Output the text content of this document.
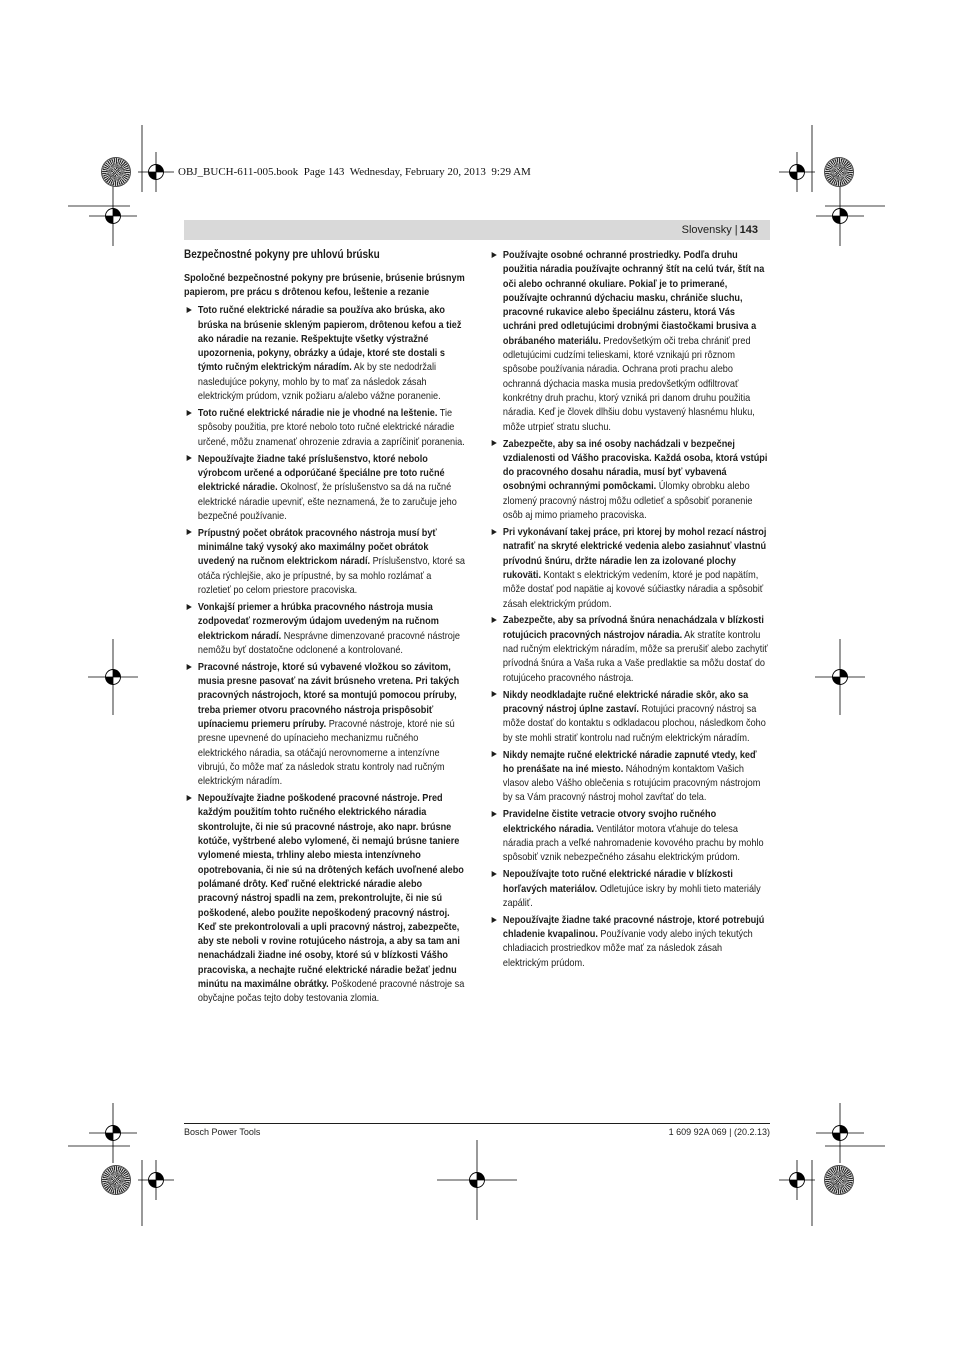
OBJ_BUCH-611-005.book  Page 143  Wednesday, February 20, 2013  9:29 AM
Slovensky | 143
Bezpečnostné pokyny pre uhlovú brúsku

Spoločné bezpečnostné pokyny pre brúsenie, brúsenie brúsnym papierom, pre prácu s drôtenou kefou, leštenie a rezanie

Toto ručné elektrické náradie sa používa ako brúska, ako brúska na brúsenie skleným papierom, drôtenou kefou a tiež ako náradie na rezanie. Rešpektujte všetky výstražné upozornenia, pokyny, obrázky a údaje, ktoré ste dostali s týmto ručným elektrickým náradím. Ak by ste nedodržali nasledujúce pokyny, mohlo by to mať za následok zásah elektrickým prúdom, vznik požiaru a/alebo vážne poranenie.

Toto ručné elektrické náradie nie je vhodné na leštenie. Tie spôsoby použitia, pre ktoré nebolo toto ručné elektrické náradie určené, môžu znamenať ohrozenie zdravia a zapríčiniť poranenia.

Nepoužívajte žiadne také príslušenstvo, ktoré nebolo výrobcom určené a odporúčané špeciálne pre toto ručné elektrické náradie. Okolnosť, že príslušenstvo sa dá na ručné elektrické náradie upevniť, ešte neznamená, že to zaručuje jeho bezpečné používanie.

Prípustný počet obrátok pracovného nástroja musí byť minimálne taký vysoký ako maximálny počet obrátok uvedený na ručnom elektrickom náradí. Príslušenstvo, ktoré sa otáča rýchlejšie, ako je prípustné, by sa mohlo rozlámať a rozletieť po celom priestore pracoviska.

Vonkajší priemer a hrúbka pracovného nástroja musia zodpovedať rozmerovým údajom uvedeným na ručnom elektrickom náradí. Nesprávne dimenzované pracovné nástroje nemôžu byť dostatočne odclonené a kontrolované.

Pracovné nástroje, ktoré sú vybavené vložkou so závitom, musia presne pasovať na závit brúsneho vretena. Pri takých pracovných nástrojoch, ktoré sa montujú pomocou príruby, treba priemer otvoru pracovného nástroja prispôsobiť upínaciemu priemeru príruby. Pracovné nástroje, ktoré nie sú presne upevnené do upínacieho mechanizmu ručného elektrického náradia, sa otáčajú nerovnomerne a intenzívne vibrujú, čo môže mať za následok stratu kontroly nad ručným elektrickým náradím.

Nepoužívajte žiadne poškodené pracovné nástroje. Pred každým použitím tohto ručného elektrického náradia skontrolujte, či nie sú pracovné nástroje, ako napr. brúsne kotúče, vyštrbené alebo vylomené, či nemajú brúsne taniere vylomené miesta, trhliny alebo miesta intenzívneho opotrebovania, či nie sú na drôtených kefách uvoľnené alebo polámané drôty. Keď ručné elektrické náradie alebo pracovný nástroj spadli na zem, prekontrolujte, či nie sú poškodené, alebo použite nepoškodený pracovný nástroj. Keď ste prekontrolovali a upli pracovný nástroj, zabezpečte, aby ste neboli v rovine rotujúceho nástroja, a aby sa tam ani nenachádzali žiadne iné osoby, ktoré sú v blízkosti Vášho pracoviska, a nechajte ručné elektrické náradie bežať jednu minútu na maximálne obrátky. Poškodené pracovné nástroje sa obyčajne počas tejto doby testovania zlomia.

Používajte osobné ochranné prostriedky. Podľa druhu použitia náradia používajte ochranný štít na celú tvár, štít na oči alebo ochranné okuliare. Pokiaľ je to primerané, používajte ochrannú dýchaciu masku, chrániče sluchu, pracovné rukavice alebo špeciálnu zásteru, ktorá Vás uchráni pred odletujúcimi drobnými čiastočkami brusiva a obrábaného materiálu. Predovšetkým oči treba chrániť pred odletujúcimi cudzími telieskami, ktoré vznikajú pri rôznom spôsobe používania náradia. Ochrana proti prachu alebo ochranná dýchacia maska musia predovšetkým odfiltrovať konkrétny druh prachu, ktorý vzniká pri danom druhu použitia náradia. Keď je človek dlhšiu dobu vystavený hlasnému hluku, môže utrpieť stratu sluchu.

Zabezpečte, aby sa iné osoby nachádzali v bezpečnej vzdialenosti od Vášho pracoviska. Každá osoba, ktorá vstúpi do pracovného dosahu náradia, musí byť vybavená osobnými ochrannými pomôckami. Úlomky obrobku alebo zlomený pracovný nástroj môžu odletieť a spôsobiť poranenie osôb aj mimo priameho pracoviska.

Pri vykonávaní takej práce, pri ktorej by mohol rezací nástroj natrafiť na skryté elektrické vedenia alebo zasiahnuť vlastnú prívodnú šnúru, držte náradie len za izolované plochy rukoväti. Kontakt s elektrickým vedením, ktoré je pod napätím, môže dostať pod napätie aj kovové súčiastky náradia a spôsobiť zásah elektrickým prúdom.

Zabezpečte, aby sa prívodná šnúra nenachádzala v blízkosti rotujúcich pracovných nástrojov náradia. Ak stratíte kontrolu nad ručným elektrickým náradím, môže sa prerušiť alebo zachytiť prívodná šnúra a Vaša ruka a Vaše predlaktie sa môžu dostať do rotujúceho pracovného nástroja.

Nikdy neodkladajte ručné elektrické náradie skôr, ako sa pracovný nástroj úplne zastaví. Rotujúci pracovný nástroj sa môže dostať do kontaktu s odkladacou plochou, následkom čoho by ste mohli stratiť kontrolu nad ručným elektrickým náradím.

Nikdy nemajte ručné elektrické náradie zapnuté vtedy, keď ho prenášate na iné miesto. Náhodným kontaktom Vašich vlasov alebo Vášho oblečenia s rotujúcim pracovným nástrojom by sa Vám pracovný nástroj mohol zavŕtať do tela.

Pravidelne čistite vetracie otvory svojho ručného elektrického náradia. Ventilátor motora vťahuje do telesa náradia prach a veľké nahromadenie kovového prachu by mohlo spôsobiť vznik nebezpečného zásahu elektrickým prúdom.

Nepoužívajte toto ručné elektrické náradie v blízkosti horľavých materiálov. Odletujúce iskry by mohli tieto materiály zapáliť.

Nepoužívajte žiadne také pracovné nástroje, ktoré potrebujú chladenie kvapalinou. Používanie vody alebo iných tekutých chladiacich prostriedkov môže mať za následok zásah elektrickým prúdom.

Bosch Power Tools	1 609 92A 069 | (20.2.13)
